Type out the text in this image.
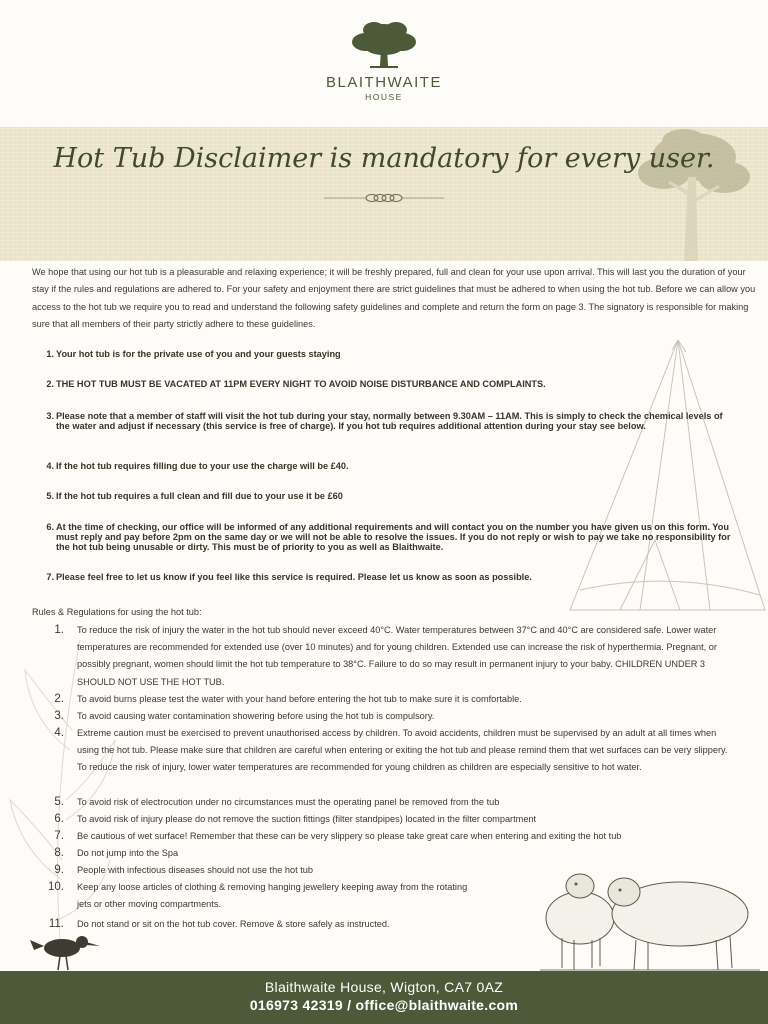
BLAITHWAITE
HOUSE
Hot Tub Disclaimer is mandatory for every user.

We hope that using our hot tub is a pleasurable and relaxing experience; it will be freshly prepared, full and clean for your use upon arrival. This will last you the duration of your stay if the rules and regulations are adhered to. For your safety and enjoyment there are strict guidelines that must be adhered to when using the hot tub. Before we can allow you access to the hot tub we require you to read and understand the following safety guidelines and complete and return the form on page 3. The signatory is responsible for making sure that all members of their party strictly adhere to these guidelines.

1. Your hot tub is for the private use of you and your guests staying
2. THE HOT TUB MUST BE VACATED AT 11PM EVERY NIGHT TO AVOID NOISE DISTURBANCE AND COMPLAINTS.
3. Please note that a member of staff will visit the hot tub during your stay, normally between 9.30AM – 11AM. This is simply to check the chemical levels of the water and adjust if necessary (this service is free of charge). If you hot tub requires additional attention during your stay see below.
4. If the hot tub requires filling due to your use the charge will be £40.
5. If the hot tub requires a full clean and fill due to your use it be £60
6. At the time of checking, our office will be informed of any additional requirements and will contact you on the number you have given us on this form. You must reply and pay before 2pm on the same day or we will not be able to resolve the issues. If you do not reply or wish to pay we take no responsibility for the hot tub being unusable or dirty. This must be of priority to you as well as Blaithwaite.
7. Please feel free to let us know if you feel like this service is required. Please let us know as soon as possible.

Rules & Regulations for using the hot tub:

1. To reduce the risk of injury the water in the hot tub should never exceed 40°C. Water temperatures between 37°C and 40°C are considered safe. Lower water temperatures are recommended for extended use (over 10 minutes) and for young children. Extended use can increase the risk of hyperthermia. Pregnant, or possibly pregnant, women should limit the hot tub temperature to 38°C. Failure to do so may result in permanent injury to your baby. CHILDREN UNDER 3 SHOULD NOT USE THE HOT TUB.
2. To avoid burns please test the water with your hand before entering the hot tub to make sure it is comfortable.
3. To avoid causing water contamination showering before using the hot tub is compulsory.
4. Extreme caution must be exercised to prevent unauthorised access by children. To avoid accidents, children must be supervised by an adult at all times when using the hot tub. Please make sure that children are careful when entering or exiting the hot tub and please remind them that wet surfaces can be very slippery. To reduce the risk of injury, lower water temperatures are recommended for young children as children are especially sensitive to hot water.
5. To avoid risk of electrocution under no circumstances must the operating panel be removed from the tub
6. To avoid risk of injury please do not remove the suction fittings (filter standpipes) located in the filter compartment
7. Be cautious of wet surface! Remember that these can be very slippery so please take great care when entering and exiting the hot tub
8. Do not jump into the Spa
9. People with infectious diseases should not use the hot tub
10. Keep any loose articles of clothing & removing hanging jewellery keeping away from the rotating jets or other moving compartments.
11. Do not stand or sit on the hot tub cover. Remove & store safely as instructed.
Blaithwaite House, Wigton, CA7 0AZ
016973 42319 / office@blaithwaite.com
